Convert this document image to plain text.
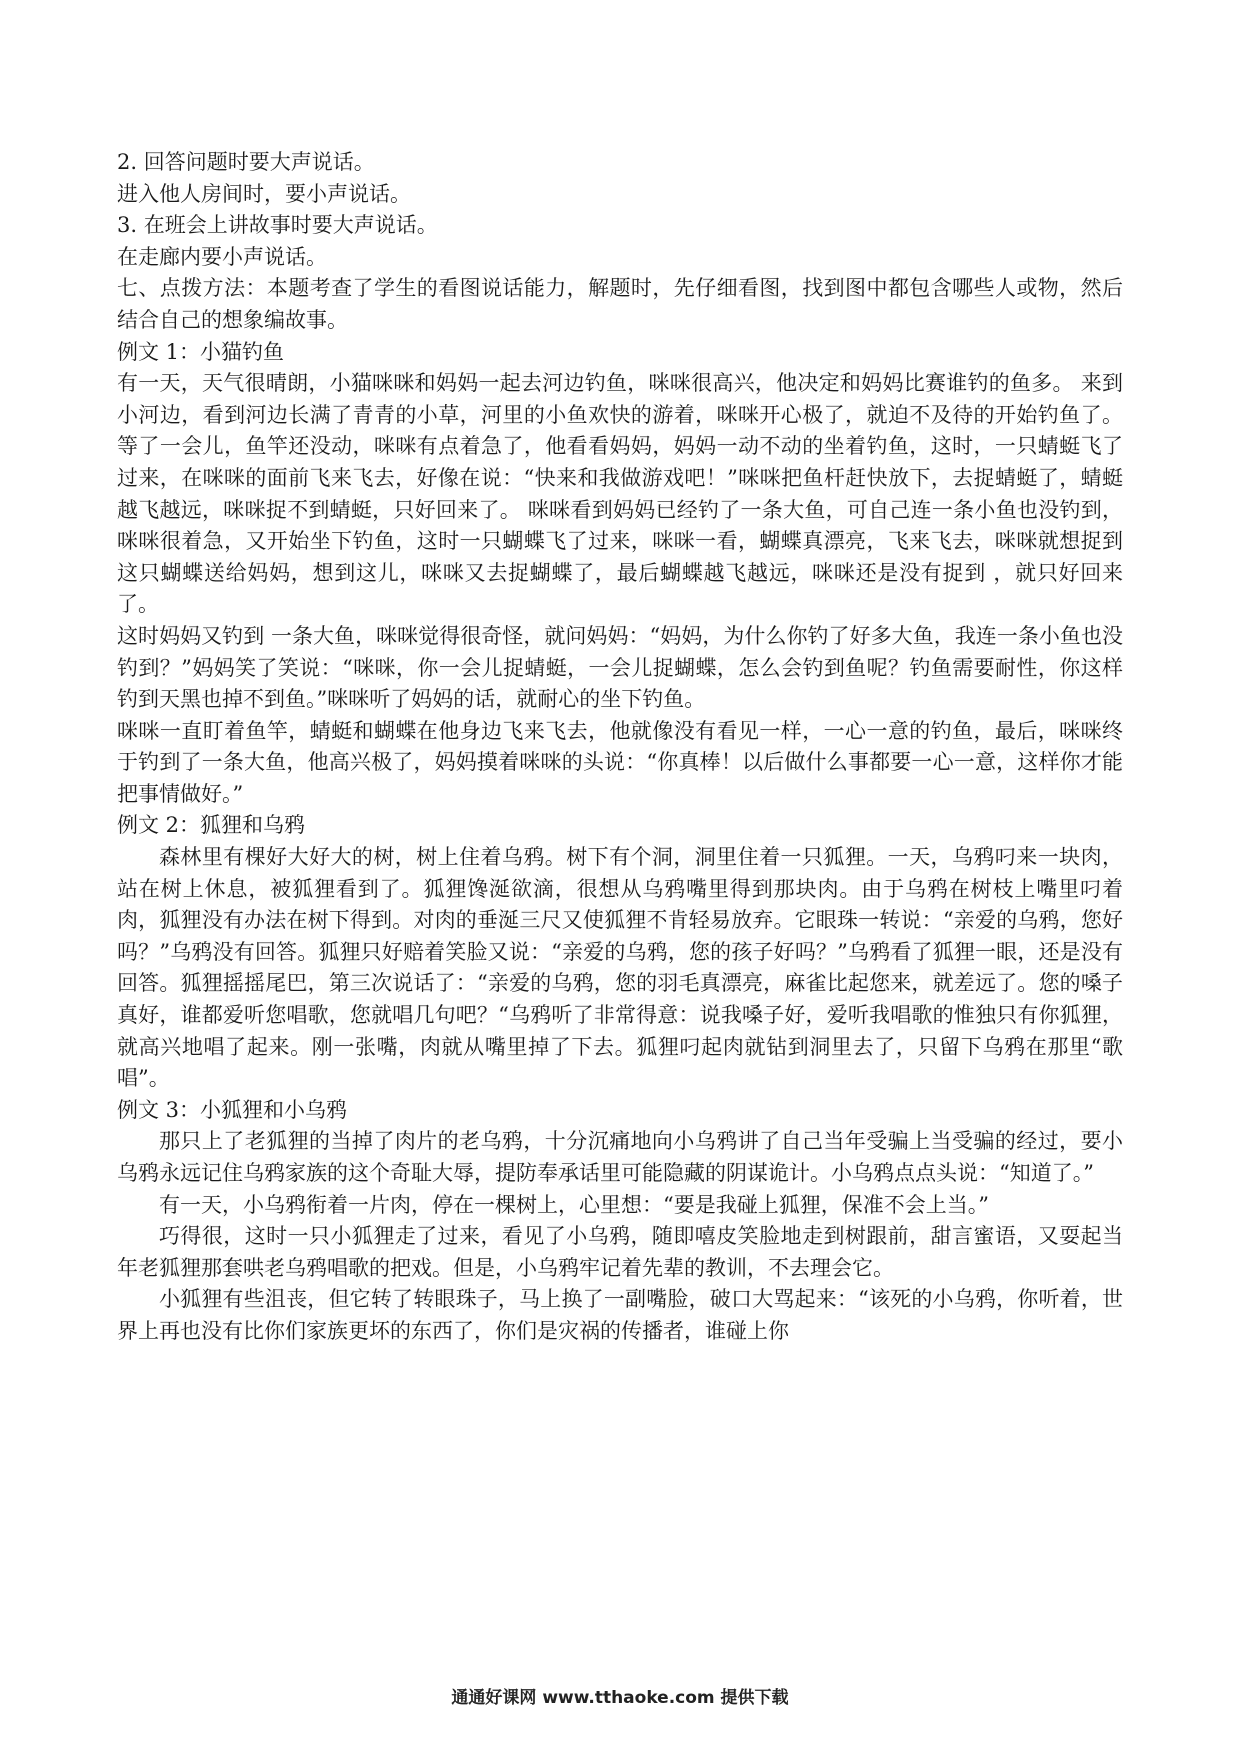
2. 回答问题时要大声说话。

进入他人房间时，要小声说话。

3. 在班会上讲故事时要大声说话。

在走廊内要小声说话。

七、点拨方法：本题考查了学生的看图说话能力，解题时，先仔细看图，找到图中都包含哪些人或物，然后结合自己的想象编故事。

例文 1：小猫钓鱼

有一天，天气很晴朗，小猫咪咪和妈妈一起去河边钓鱼，咪咪很高兴，他决定和妈妈比赛谁钓的鱼多。 来到小河边，看到河边长满了青青的小草，河里的小鱼欢快的游着，咪咪开心极了，就迫不及待的开始钓鱼了。等了一会儿，鱼竿还没动，咪咪有点着急了，他看看妈妈，妈妈一动不动的坐着钓鱼，这时，一只蜻蜓飞了过来，在咪咪的面前飞来飞去，好像在说：“快来和我做游戏吧！”咪咪把鱼杆赶快放下，去捉蜻蜓了，蜻蜓越飞越远，咪咪捉不到蜻蜓，只好回来了。 咪咪看到妈妈已经钓了一条大鱼，可自己连一条小鱼也没钓到，咪咪很着急，又开始坐下钓鱼，这时一只蝴蝶飞了过来，咪咪一看，蝴蝶真漂亮，飞来飞去，咪咪就想捉到这只蝴蝶送给妈妈，想到这儿，咪咪又去捉蝴蝶了，最后蝴蝶越飞越远，咪咪还是没有捉到 ，就只好回来了。

这时妈妈又钓到 一条大鱼，咪咪觉得很奇怪，就问妈妈：“妈妈，为什么你钓了好多大鱼，我连一条小鱼也没钓到？”妈妈笑了笑说：“咪咪，你一会儿捉蜻蜓，一会儿捉蝴蝶，怎么会钓到鱼呢？钓鱼需要耐性，你这样钓到天黑也掉不到鱼。”咪咪听了妈妈的话，就耐心的坐下钓鱼。

咪咪一直盯着鱼竿，蜻蜓和蝴蝶在他身边飞来飞去，他就像没有看见一样，一心一意的钓鱼，最后，咪咪终于钓到了一条大鱼，他高兴极了，妈妈摸着咪咪的头说：“你真棒！以后做什么事都要一心一意，这样你才能把事情做好。”

例文 2：狐狸和乌鸦

森林里有棵好大好大的树，树上住着乌鸦。树下有个洞，洞里住着一只狐狸。一天，乌鸦叼来一块肉，站在树上休息，被狐狸看到了。狐狸馋涎欲滴，很想从乌鸦嘴里得到那块肉。由于乌鸦在树枝上嘴里叼着肉，狐狸没有办法在树下得到。对肉的垂涎三尺又使狐狸不肯轻易放弃。它眼珠一转说：“亲爱的乌鸦，您好吗？”乌鸦没有回答。狐狸只好赔着笑脸又说：“亲爱的乌鸦，您的孩子好吗？”乌鸦看了狐狸一眼，还是没有回答。狐狸摇摇尾巴，第三次说话了：“亲爱的乌鸦，您的羽毛真漂亮，麻雀比起您来，就差远了。您的嗓子真好，谁都爱听您唱歌，您就唱几句吧？“乌鸦听了非常得意：说我嗓子好，爱听我唱歌的惟独只有你狐狸，就高兴地唱了起来。刚一张嘴，肉就从嘴里掉了下去。狐狸叼起肉就钻到洞里去了，只留下乌鸦在那里“歌唱”。

例文 3：小狐狸和小乌鸦

那只上了老狐狸的当掉了肉片的老乌鸦，十分沉痛地向小乌鸦讲了自己当年受骗上当受骗的经过，要小乌鸦永远记住乌鸦家族的这个奇耻大辱，提防奉承话里可能隐藏的阴谋诡计。小乌鸦点点头说：“知道了。”

有一天，小乌鸦衔着一片肉，停在一棵树上，心里想：“要是我碰上狐狸，保准不会上当。”

巧得很，这时一只小狐狸走了过来，看见了小乌鸦，随即嘻皮笑脸地走到树跟前，甜言蜜语，又耍起当年老狐狸那套哄老乌鸦唱歌的把戏。但是，小乌鸦牢记着先辈的教训，不去理会它。

小狐狸有些沮丧，但它转了转眼珠子，马上换了一副嘴脸，破口大骂起来：“该死的小乌鸦，你听着，世界上再也没有比你们家族更坏的东西了，你们是灾祸的传播者，谁碰上你

通通好课网 www.tthaoke.com 提供下载
